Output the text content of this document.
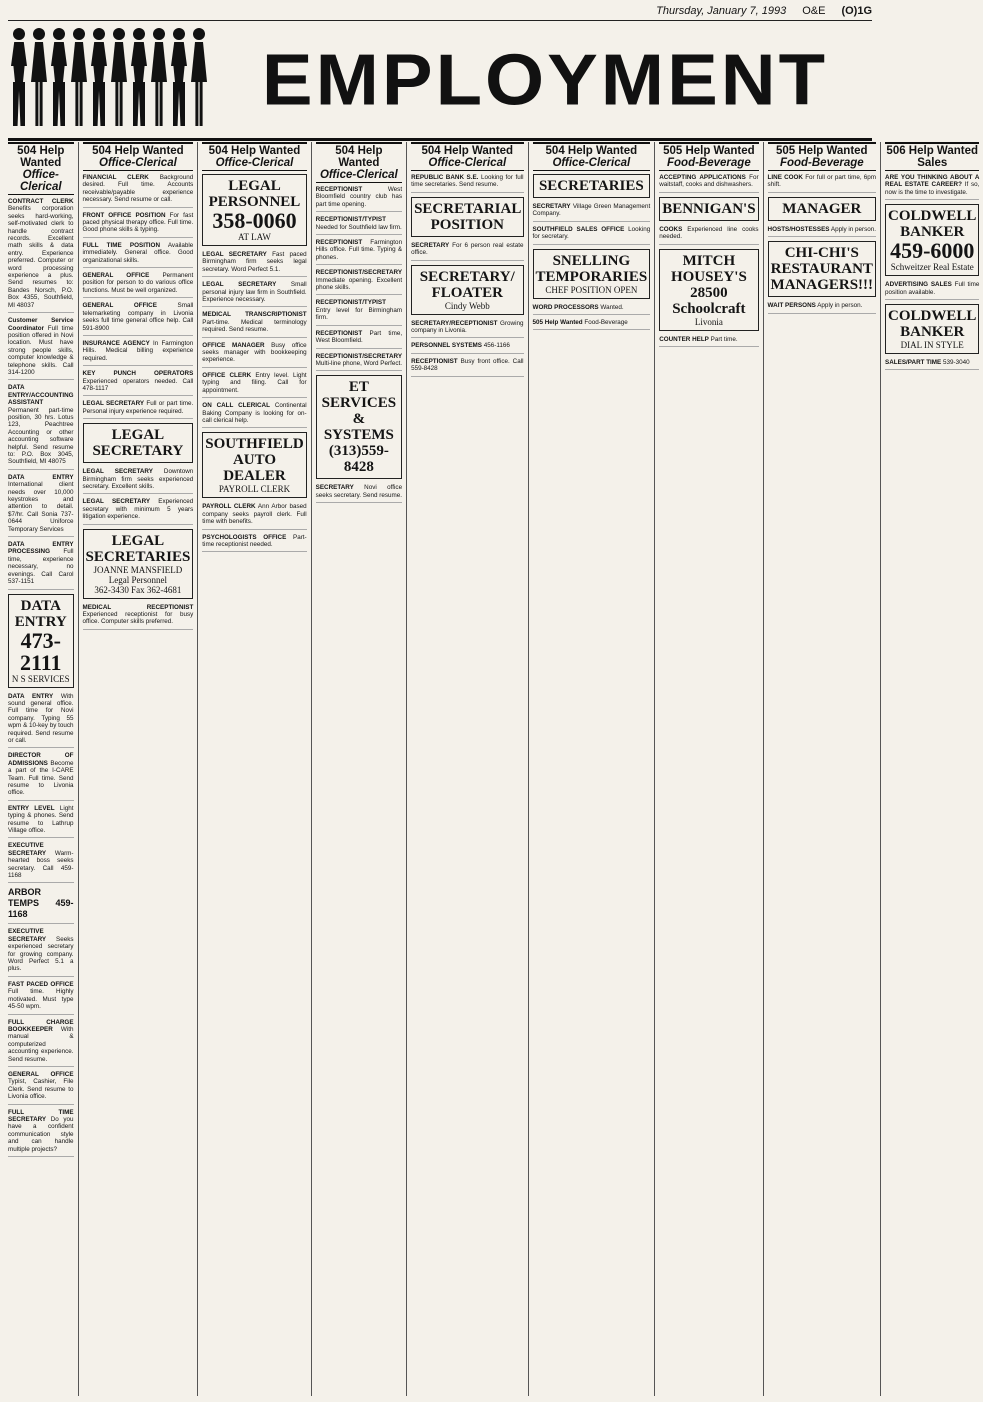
Thursday, January 7, 1993 O&E (O)1G
EMPLOYMENT
504 Help Wanted
Office-Clerical
CONTRACT CLERK Benefits corporation seeks hard-working, self-motivated clerk to handle contract records. Excellent math skills & data entry. Experience preferred. Computer or word processing experience a plus. Send resumes to: Bandes Norsch, P.O. Box 4355, Southfield, MI 48037
Customer Service Coordinator Full time position offered in Novi location. Must have strong people skills, computer knowledge & telephone skills. Call 314-1200
DATA ENTRY/ACCOUNTING ASSISTANT Permanent part-time position, 30 hrs. Lotus 123, Peachtree Accounting or other accounting software helpful. Send resume to: P.O. Box 3045, Southfield, MI 48075
DATA ENTRY International client needs over 10,000 keystrokes and attention to detail. $7/hr. Call Sonia 737-0644 Uniforce Temporary Services
DATA ENTRY PROCESSING Full time, experience necessary, no evenings. Call Carol 537-1151
DATA ENTRY
473-2111
N S SERVICES
DATA ENTRY With sound general office. Full time for Novi company. Typing 55 wpm & 10-key by touch required. Send resume or call.
DIRECTOR OF ADMISSIONS Become a part of the I-CARE Team. Full time. Send resume to Livonia office.
ENTRY LEVEL Light typing & phones. Send resume to Lathrup Village office.
EXECUTIVE SECRETARY Warm-hearted boss seeks secretary. Call 459-1168
ARBOR TEMPS 459-1168
EXECUTIVE SECRETARY Seeks experienced secretary for growing company. Word Perfect 5.1 a plus.
FAST PACED OFFICE Full time. Highly motivated. Must type 45-50 wpm.
FULL CHARGE BOOKKEEPER With manual & computerized accounting experience. Send resume.
GENERAL OFFICE Typist, Cashier, File Clerk. Send resume to Livonia office.
FULL TIME SECRETARY Do you have a confident communication style and can handle multiple projects?
504 Help Wanted
Office-Clerical
FINANCIAL CLERK Background desired. Full time. Accounts receivable/payable experience necessary. Send resume or call.
FRONT OFFICE POSITION For fast paced physical therapy office. Full time. Good phone skills & typing.
FULL TIME POSITION Available immediately. General office. Good organizational skills.
GENERAL OFFICE Permanent position for person to do various office functions. Must be well organized.
GENERAL OFFICE	Small telemarketing company in Livonia seeks full time general office help. Call 591-8900
INSURANCE AGENCY In Farmington Hills. Medical billing experience required.
KEY PUNCH OPERATORS Experienced operators needed. Call 478-1117
LEGAL SECRETARY Full or part time. Personal injury experience required.
LEGAL SECRETARY
LEGAL SECRETARY Downtown Birmingham firm seeks experienced secretary. Excellent skills.
LEGAL SECRETARY Experienced secretary with minimum 5 years litigation experience.
LEGAL
SECRETARIES
JOANNE MANSFIELD
Legal Personnel
362-3430 Fax 362-4681
MEDICAL RECEPTIONIST Experienced receptionist for busy office. Computer skills preferred.
504 Help Wanted
Office-Clerical
LEGAL PERSONNEL
358-0060
AT LAW
LEGAL SECRETARY Fast paced Birmingham firm seeks legal secretary. Word Perfect 5.1.
LEGAL SECRETARY Small personal injury law firm in Southfield. Experience necessary.
MEDICAL TRANSCRIPTIONIST Part-time. Medical terminology required. Send resume.
OFFICE MANAGER Busy office seeks manager with bookkeeping experience.
OFFICE CLERK Entry level. Light typing and filing. Call for appointment.
ON CALL CLERICAL Continental Baking Company is looking for on-call clerical help.
SOUTHFIELD
AUTO DEALER
PAYROLL CLERK
PAYROLL CLERK Ann Arbor based company seeks payroll clerk. Full time with benefits.
PSYCHOLOGISTS OFFICE Part-time receptionist needed.
504 Help Wanted
Office-Clerical
RECEPTIONIST	West Bloomfield country club has part time opening.
RECEPTIONIST/TYPIST Needed for Southfield law firm.
RECEPTIONIST Farmington Hills office. Full time. Typing & phones.
RECEPTIONIST/SECRETARY Immediate opening. Excellent phone skills.
RECEPTIONIST/TYPIST Entry level for Birmingham firm.
RECEPTIONIST Part time, West Bloomfield.
RECEPTIONIST/SECRETARY Multi-line phone, Word Perfect.
ET SERVICES & SYSTEMS
(313)559-8428
SECRETARY Novi office seeks secretary. Send resume.
504 Help Wanted
Office-Clerical
REPUBLIC BANK S.E. Looking for full time secretaries. Send resume.
SECRETARIAL POSITION
SECRETARY For 6 person real estate office.
SECRETARY/
FLOATER
Cindy Webb
SECRETARY/RECEPTIONIST Growing company in Livonia.
PERSONNEL SYSTEMS 456-1166
RECEPTIONIST Busy front office. Call 559-8428
504 Help Wanted
Office-Clerical
SECRETARIES
SECRETARY Village Green Management Company.
SOUTHFIELD SALES OFFICE Looking for secretary.
SNELLING
TEMPORARIES
CHEF POSITION OPEN
WORD PROCESSORS Wanted.
505 Help Wanted Food-Beverage
505 Help Wanted
Food-Beverage
ACCEPTING APPLICATIONS For waitstaff, cooks and dishwashers.
BENNIGAN'S
COOKS Experienced line cooks needed.
MITCH HOUSEY'S
28500 Schoolcraft
Livonia
COUNTER HELP Part time.
505 Help Wanted
Food-Beverage
LINE COOK For full or part time, 6pm shift.
MANAGER
HOSTS/HOSTESSES Apply in person.
CHI-CHI'S
RESTAURANT MANAGERS!!!
WAIT PERSONS Apply in person.
506 Help Wanted Sales
ARE YOU THINKING ABOUT A REAL ESTATE CAREER? If so, now is the time to investigate.
COLDWELL BANKER
459-6000
Schweitzer Real Estate
ADVERTISING SALES Full time position available.
COLDWELL
BANKER
DIAL IN STYLE
SALES/PART TIME 539-3040
